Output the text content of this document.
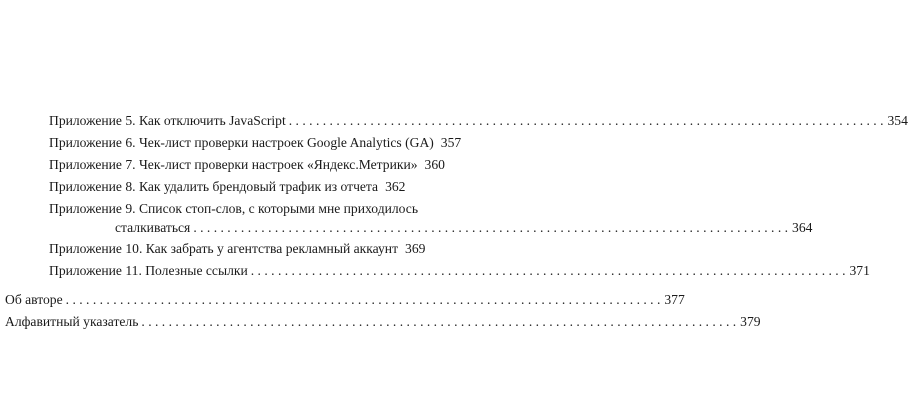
Приложение 5. Как отключить JavaScript . . .	354
Приложение 6. Чек-лист проверки настроек Google Analytics (GA) 357
Приложение 7. Чек-лист проверки настроек «Яндекс.Метрики» 360
Приложение 8. Как удалить брендовый трафик из отчета 362
Приложение 9. Список стоп-слов, с которыми мне приходилось
сталкиваться . . .	364
Приложение 10. Как забрать у агентства рекламный аккаунт 369
Приложение 11. Полезные ссылки . . .	371
Об авторе . . .	377
Алфавитный указатель . . .	379
